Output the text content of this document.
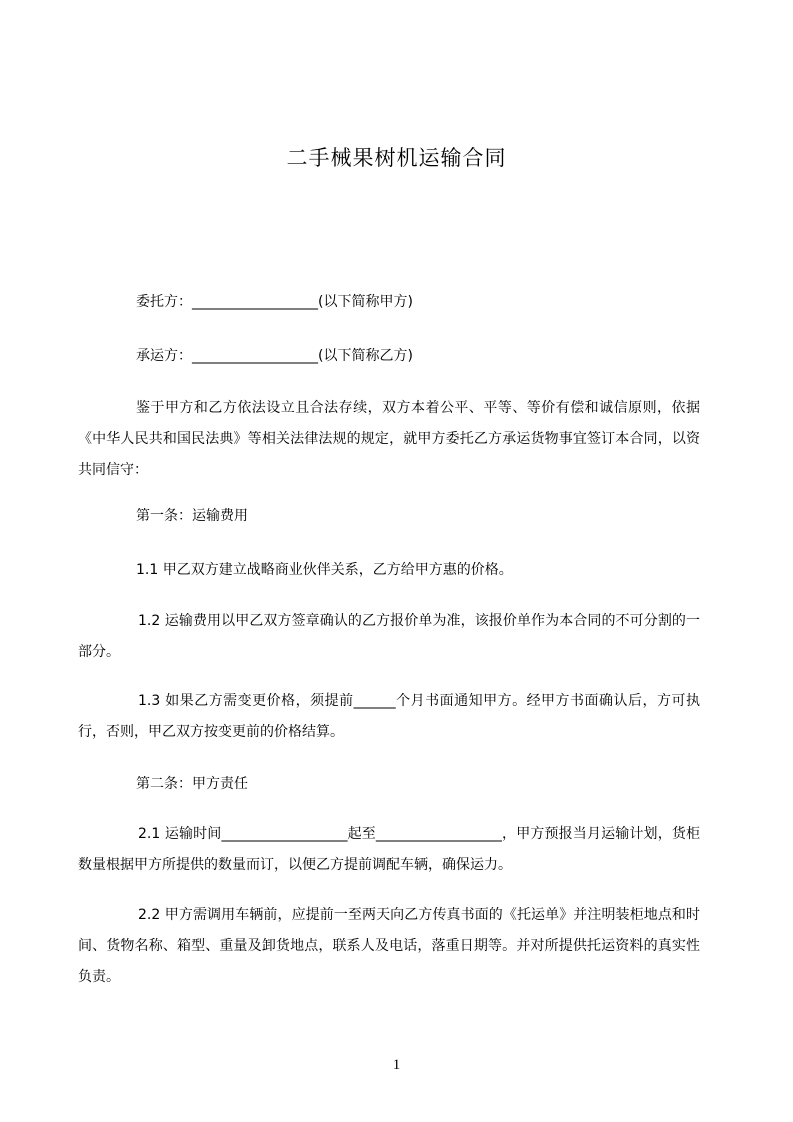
二手械果树机运输合同

委托方：__________________(以下简称甲方)

承运方：__________________(以下简称乙方)

鉴于甲方和乙方依法设立且合法存续，双方本着公平、平等、等价有偿和诚信原则，依据《中华人民共和国民法典》等相关法律法规的规定，就甲方委托乙方承运货物事宜签订本合同，以资共同信守：

第一条：运输费用

1.1 甲乙双方建立战略商业伙伴关系，乙方给甲方惠的价格。

1.2 运输费用以甲乙双方签章确认的乙方报价单为准，该报价单作为本合同的不可分割的一部分。

1.3 如果乙方需变更价格，须提前______个月书面通知甲方。经甲方书面确认后，方可执行，否则，甲乙双方按变更前的价格结算。

第二条：甲方责任

2.1 运输时间__________________起至__________________，甲方预报当月运输计划，货柜数量根据甲方所提供的数量而订，以便乙方提前调配车辆，确保运力。

2.2 甲方需调用车辆前，应提前一至两天向乙方传真书面的《托运单》并注明装柜地点和时间、货物名称、箱型、重量及卸货地点，联系人及电话，落重日期等。并对所提供托运资料的真实性负责。

1
